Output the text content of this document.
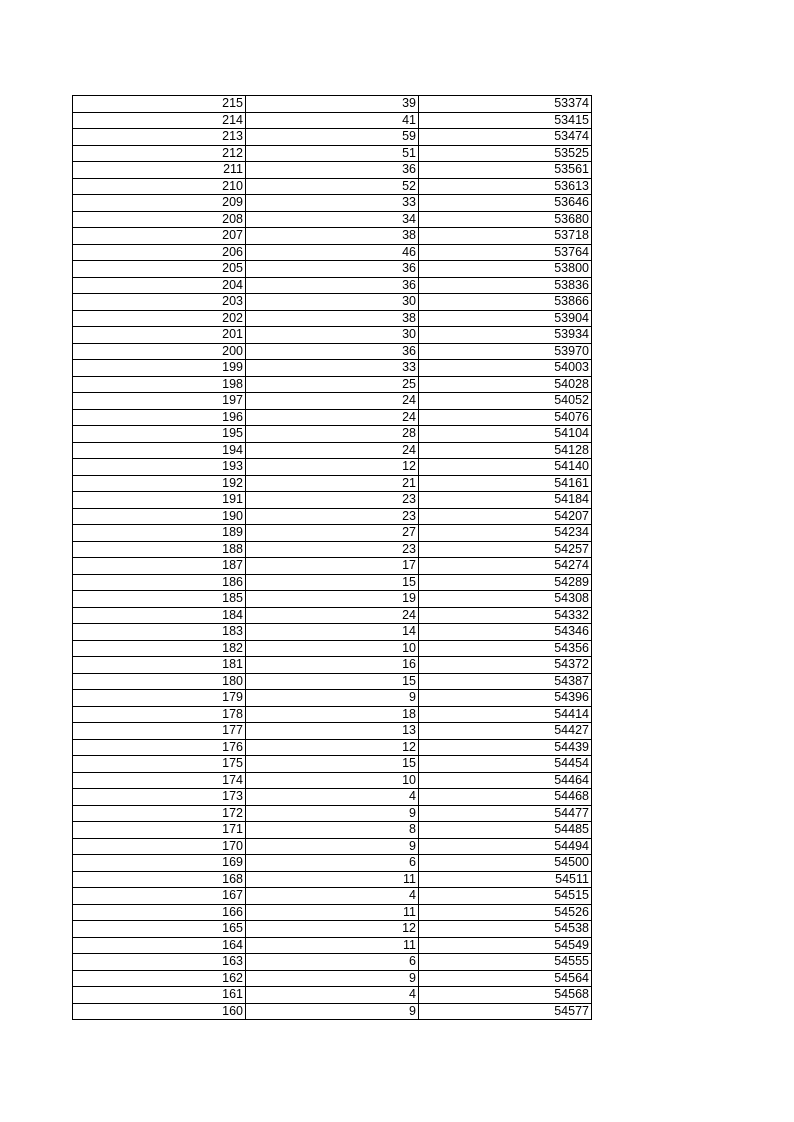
215	39	53374
214	41	53415
213	59	53474
212	51	53525
211	36	53561
210	52	53613
209	33	53646
208	34	53680
207	38	53718
206	46	53764
205	36	53800
204	36	53836
203	30	53866
202	38	53904
201	30	53934
200	36	53970
199	33	54003
198	25	54028
197	24	54052
196	24	54076
195	28	54104
194	24	54128
193	12	54140
192	21	54161
191	23	54184
190	23	54207
189	27	54234
188	23	54257
187	17	54274
186	15	54289
185	19	54308
184	24	54332
183	14	54346
182	10	54356
181	16	54372
180	15	54387
179	9	54396
178	18	54414
177	13	54427
176	12	54439
175	15	54454
174	10	54464
173	4	54468
172	9	54477
171	8	54485
170	9	54494
169	6	54500
168	11	54511
167	4	54515
166	11	54526
165	12	54538
164	11	54549
163	6	54555
162	9	54564
161	4	54568
160	9	54577
